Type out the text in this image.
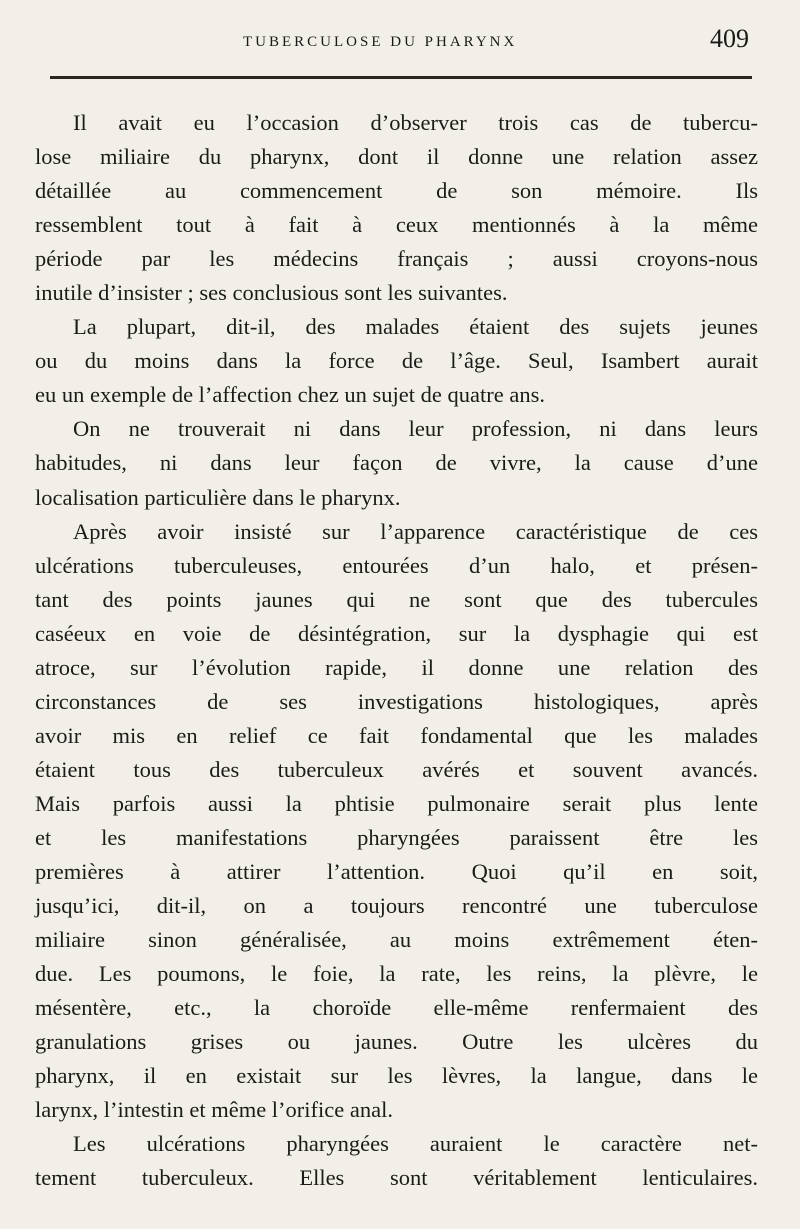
TUBERCULOSE DU PHARYNX	409
Il avait eu l’occasion d’observer trois cas de tubercu-
lose miliaire du pharynx, dont il donne une relation assez
détaillée au commencement de son mémoire. Ils
ressemblent tout à fait à ceux mentionnés à la même
période par les médecins français ; aussi croyons-nous
inutile d’insister ; ses conclusious sont les suivantes.
La plupart, dit-il, des malades étaient des sujets jeunes
ou du moins dans la force de l’âge. Seul, Isambert aurait
eu un exemple de l’affection chez un sujet de quatre ans.
On ne trouverait ni dans leur profession, ni dans leurs
habitudes, ni dans leur façon de vivre, la cause d’une
localisation particulière dans le pharynx.
Après avoir insisté sur l’apparence caractéristique de ces
ulcérations tuberculeuses, entourées d’un halo, et présen-
tant des points jaunes qui ne sont que des tubercules
caséeux en voie de désintégration, sur la dysphagie qui est
atroce, sur l’évolution rapide, il donne une relation des
circonstances de ses investigations histologiques, après
avoir mis en relief ce fait fondamental que les malades
étaient tous des tuberculeux avérés et souvent avancés.
Mais parfois aussi la phtisie pulmonaire serait plus lente
et les manifestations pharyngées paraissent être les
premières à attirer l’attention. Quoi qu’il en soit,
jusqu’ici, dit-il, on a toujours rencontré une tuberculose
miliaire sinon généralisée, au moins extrêmement éten-
due. Les poumons, le foie, la rate, les reins, la plèvre, le
mésentère, etc., la choroïde elle-même renfermaient des
granulations grises ou jaunes. Outre les ulcères du
pharynx, il en existait sur les lèvres, la langue, dans le
larynx, l’intestin et même l’orifice anal.
Les ulcérations pharyngées auraient le caractère net-
tement tuberculeux. Elles sont véritablement lenticulaires.
